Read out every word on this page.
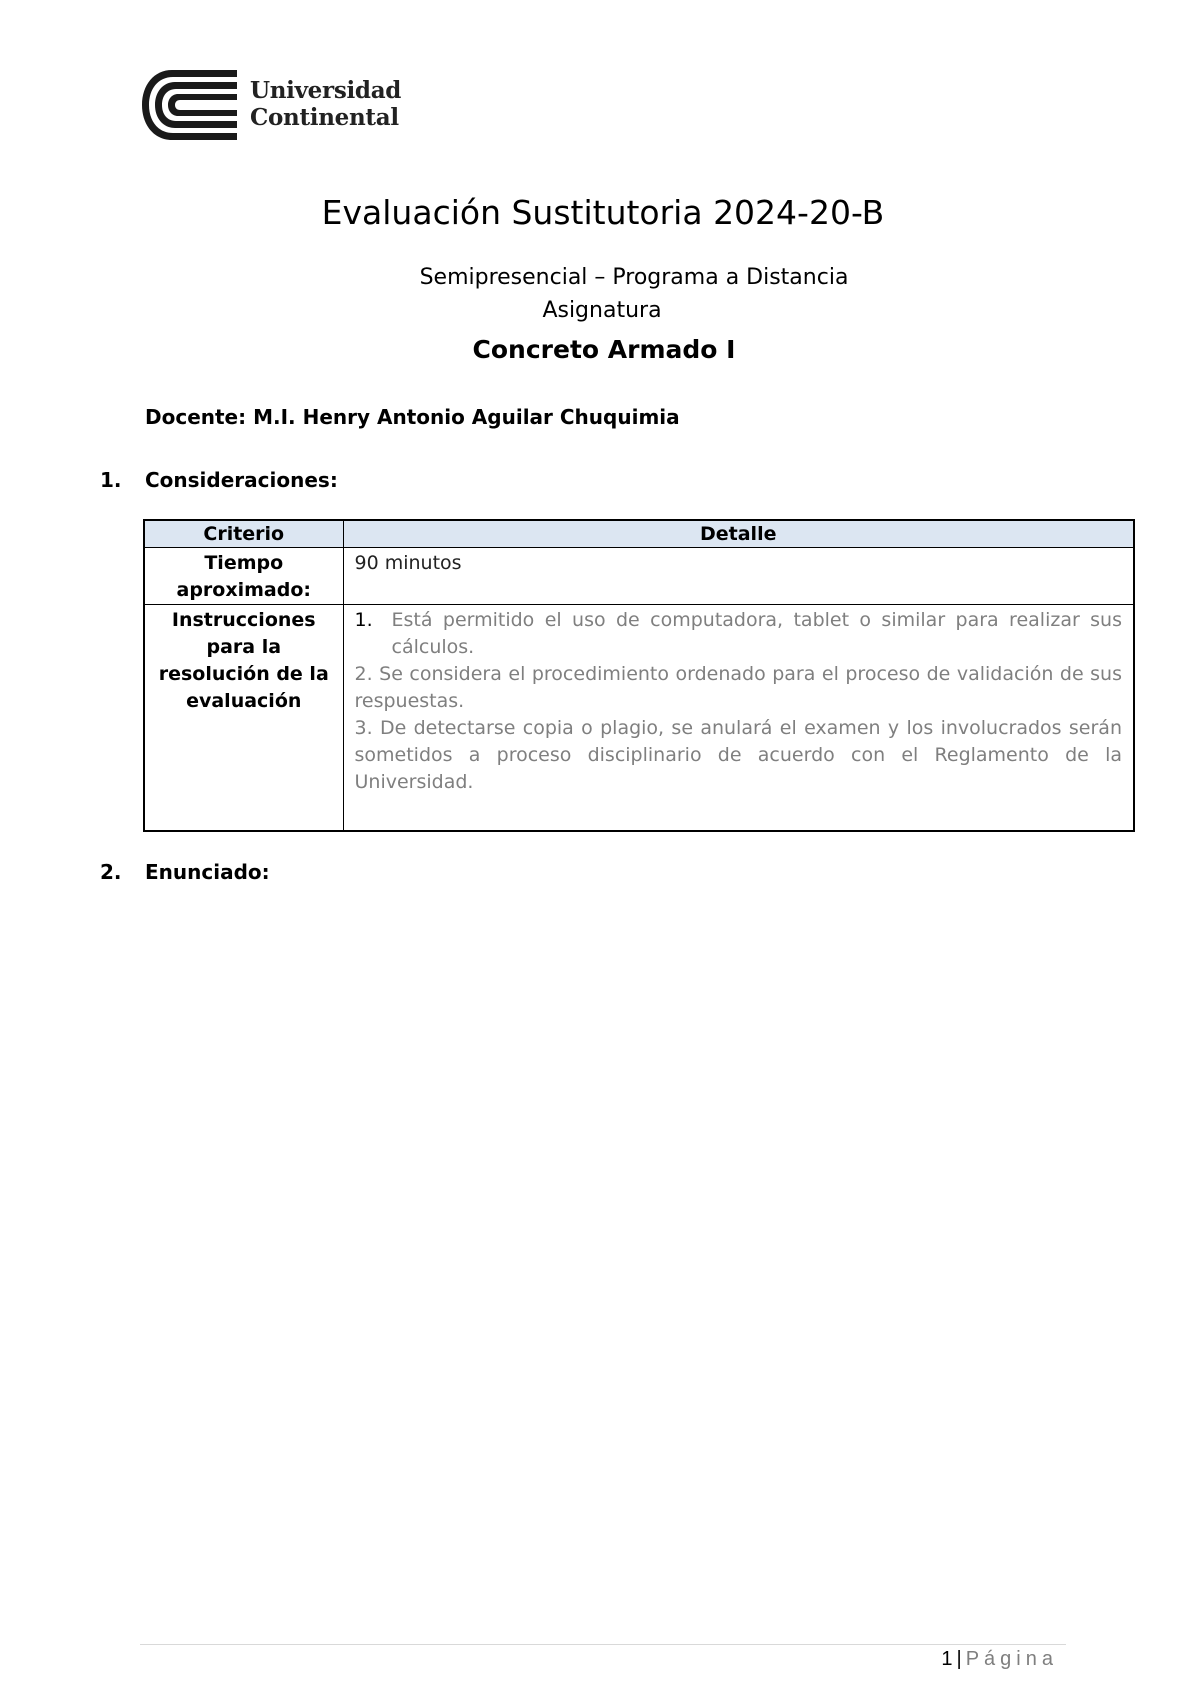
Universidad
Continental
Evaluación Sustitutoria 2024-20-B
Semipresencial – Programa a Distancia
Asignatura
Concreto Armado I
Docente: M.I. Henry Antonio Aguilar Chuquimia
1. Consideraciones:
Criterio	Detalle
Tiempo aproximado:	90 minutos
Instrucciones para la resolución de la evaluación	1. Está permitido el uso de computadora, tablet o similar para realizar sus cálculos.

2. Se considera el procedimiento ordenado para el proceso de validación de sus respuestas.

3. De detectarse copia o plagio, se anulará el examen y los involucrados serán sometidos a proceso disciplinario de acuerdo con el Reglamento de la Universidad.

2. Enunciado:
1 | Página
